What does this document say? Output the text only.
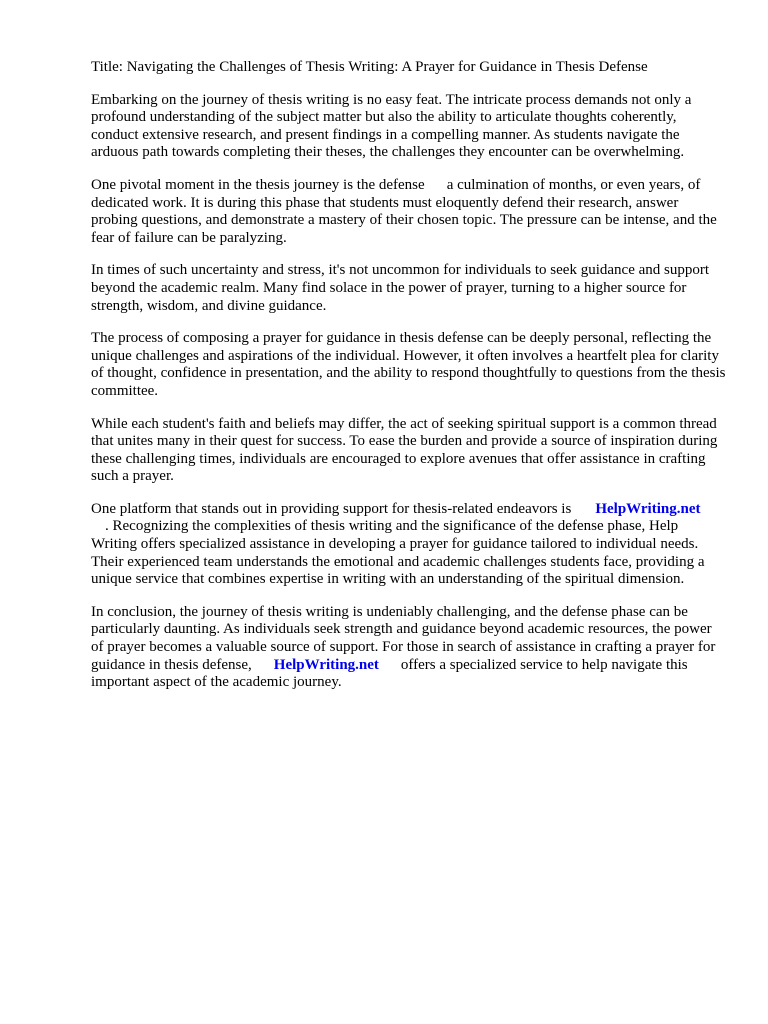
Title: Navigating the Challenges of Thesis Writing: A Prayer for Guidance in Thesis Defense

Embarking on the journey of thesis writing is no easy feat. The intricate process demands not only a profound understanding of the subject matter but also the ability to articulate thoughts coherently, conduct extensive research, and present findings in a compelling manner. As students navigate the arduous path towards completing their theses, the challenges they encounter can be overwhelming.

One pivotal moment in the thesis journey is the defense a culmination of months, or even years, of dedicated work. It is during this phase that students must eloquently defend their research, answer probing questions, and demonstrate a mastery of their chosen topic. The pressure can be intense, and the fear of failure can be paralyzing.

In times of such uncertainty and stress, it's not uncommon for individuals to seek guidance and support beyond the academic realm. Many find solace in the power of prayer, turning to a higher source for strength, wisdom, and divine guidance.

The process of composing a prayer for guidance in thesis defense can be deeply personal, reflecting the unique challenges and aspirations of the individual. However, it often involves a heartfelt plea for clarity of thought, confidence in presentation, and the ability to respond thoughtfully to questions from the thesis committee.

While each student's faith and beliefs may differ, the act of seeking spiritual support is a common thread that unites many in their quest for success. To ease the burden and provide a source of inspiration during these challenging times, individuals are encouraged to explore avenues that offer assistance in crafting such a prayer.

One platform that stands out in providing support for thesis-related endeavors is HelpWriting.net
. Recognizing the complexities of thesis writing and the significance of the defense phase, Help Writing offers specialized assistance in developing a prayer for guidance tailored to individual needs. Their experienced team understands the emotional and academic challenges students face, providing a unique service that combines expertise in writing with an understanding of the spiritual dimension.

In conclusion, the journey of thesis writing is undeniably challenging, and the defense phase can be particularly daunting. As individuals seek strength and guidance beyond academic resources, the power of prayer becomes a valuable source of support. For those in search of assistance in crafting a prayer for guidance in thesis defense, HelpWriting.net offers a specialized service to help navigate this important aspect of the academic journey.
